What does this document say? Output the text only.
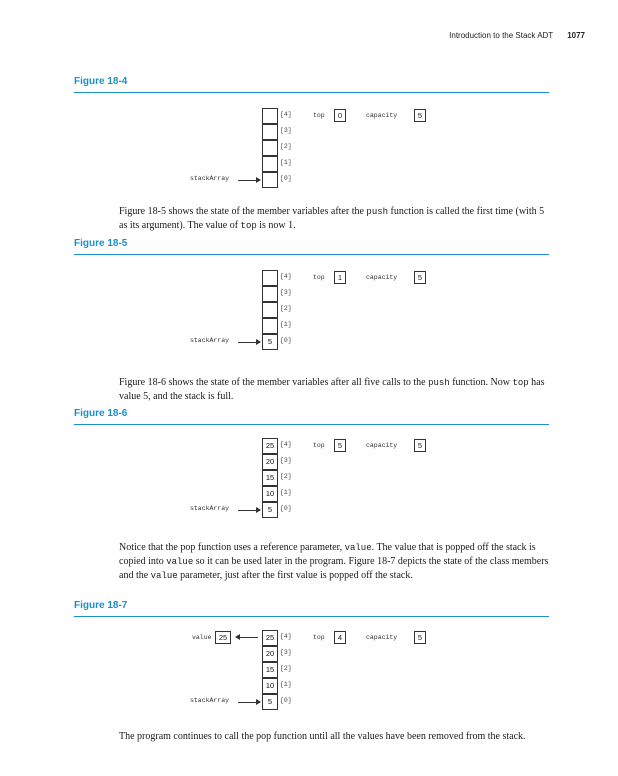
Introduction to the Stack ADT 1077
Figure 18-4
Figure 18-5 shows the state of the member variables after the push function is called the first time (with 5 as its argument). The value of top is now 1.
Figure 18-5
Figure 18-6 shows the state of the member variables after all five calls to the push function. Now top has value 5, and the stack is full.
Figure 18-6
Notice that the pop function uses a reference parameter, value. The value that is popped off the stack is copied into value so it can be used later in the program. Figure 18-7 depicts the state of the class members and the value parameter, just after the first value is popped off the stack.
Figure 18-7
The program continues to call the pop function until all the values have been removed from the stack.
[4]
[3]
[2]
[1]
[0]
stackArray
top	0	capacity	5
[4]
[3]
[2]
[1]
5	[0]
stackArray
top	1	capacity	5
25 [4]
20 [3]
15 [2]
10 [1]
5	[0]
stackArray
top	5	capacity	5
25 [4]
20 [3]
15 [2]
10 [1]
5	[0]
stackArray
top	4	capacity	5
value 25
